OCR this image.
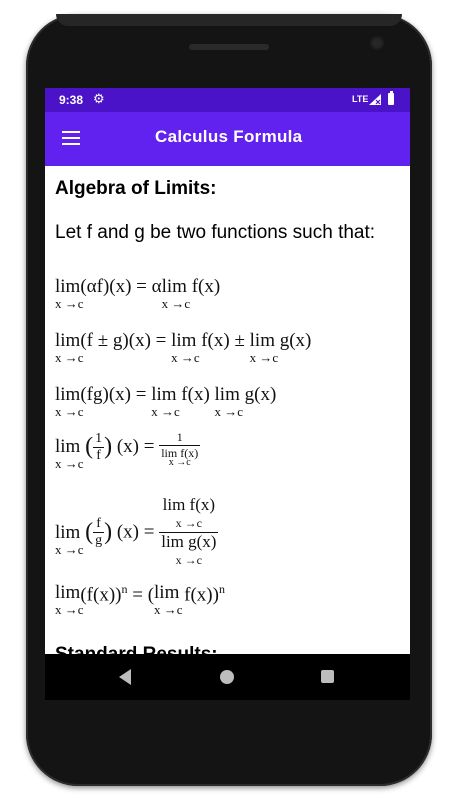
9:38 ⚙	LTE
Calculus Formula
Algebra of Limits:
Let f and g be two functions such that:
lim
x →c
(αf)(x) = αlim
x →c
f(x)
lim
x →c
(f ± g)(x) = lim
x →c
f(x) ± lim
x →c
g(x)
lim
x →c
(fg)(x) = lim
x →c
f(x) lim
x →c
g(x)
lim
x →c
( $\frac{1}{f}$ ) (x) =	1
lim f(x)
x →c
lim
x →c
( $\frac{f}{g}$ ) (x) =
lim f(x)
x →c
lim g(x)
x →c
lim
x →c
$(f(x))^n = (\lim$
x →c
f(x))$^n$
